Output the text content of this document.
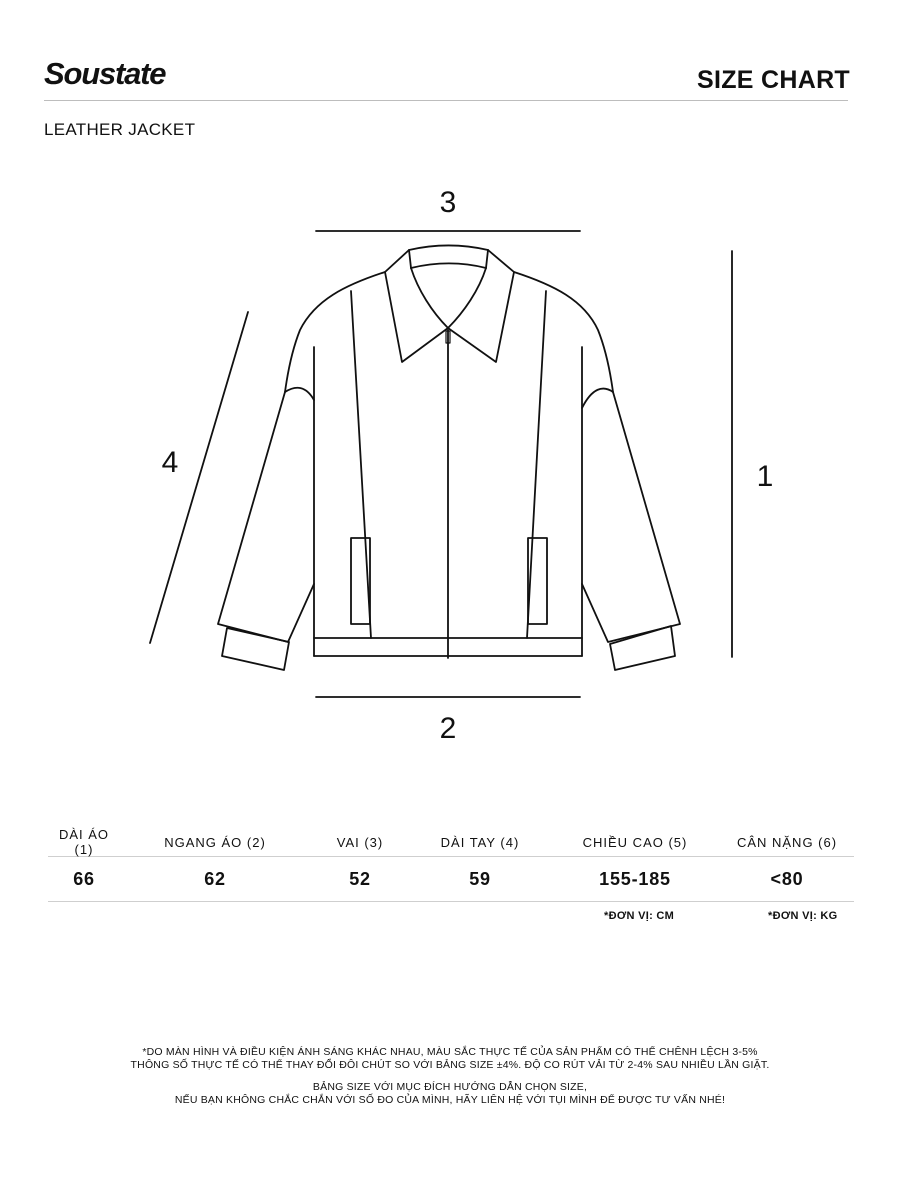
Soustate	SIZE CHART
LEATHER JACKET
3
2
1
4
DÀI ÁO (1)	NGANG ÁO (2)	VAI (3)	DÀI TAY (4)	CHIỀU CAO (5)	CÂN NẶNG (6)
66	62	52	59	155-185	<80
*ĐƠN VỊ: CM	*ĐƠN VỊ: KG
*DO MÀN HÌNH VÀ ĐIỀU KIỆN ÁNH SÁNG KHÁC NHAU, MÀU SẮC THỰC TẾ CỦA SẢN PHẨM CÓ THỂ CHÊNH LỆCH 3-5%
THÔNG SỐ THỰC TẾ CÓ THỂ THAY ĐỔI ĐÔI CHÚT SO VỚI BẢNG SIZE ±4%. ĐỘ CO RÚT VẢI TỪ 2-4% SAU NHIỀU LẦN GIẶT.
BẢNG SIZE VỚI MỤC ĐÍCH HƯỚNG DẪN CHỌN SIZE,
NẾU BẠN KHÔNG CHẮC CHẮN VỚI SỐ ĐO CỦA MÌNH, HÃY LIÊN HỆ VỚI TỤI MÌNH ĐỂ ĐƯỢC TƯ VẤN NHÉ!
